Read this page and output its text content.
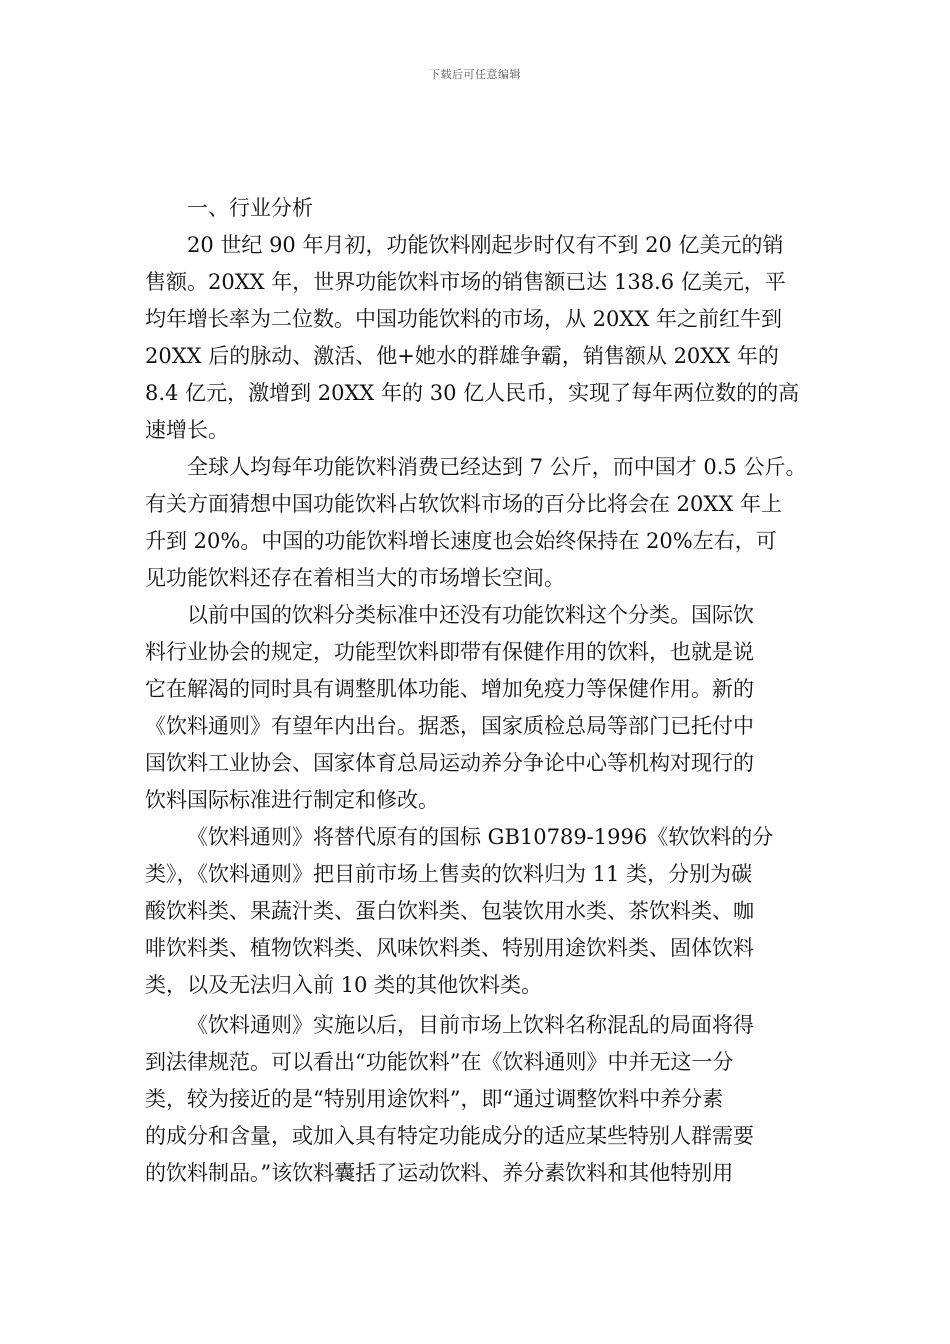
下载后可任意编辑
一、行业分析
20 世纪 90 年月初，功能饮料刚起步时仅有不到 20 亿美元的销
售额。20XX 年，世界功能饮料市场的销售额已达 138.6 亿美元，平
均年增长率为二位数。中国功能饮料的市场，从 20XX 年之前红牛到
20XX 后的脉动、激活、他+她水的群雄争霸，销售额从 20XX 年的
8.4 亿元，激增到 20XX 年的 30 亿人民币，实现了每年两位数的的高
速增长。
全球人均每年功能饮料消费已经达到 7 公斤，而中国才 0.5 公斤。
有关方面猜想中国功能饮料占软饮料市场的百分比将会在 20XX 年上
升到 20%。中国的功能饮料增长速度也会始终保持在 20%左右，可
见功能饮料还存在着相当大的市场增长空间。
以前中国的饮料分类标准中还没有功能饮料这个分类。国际饮
料行业协会的规定，功能型饮料即带有保健作用的饮料，也就是说
它在解渴的同时具有调整肌体功能、增加免疫力等保健作用。新的
《饮料通则》有望年内出台。据悉，国家质检总局等部门已托付中
国饮料工业协会、国家体育总局运动养分争论中心等机构对现行的
饮料国际标准进行制定和修改。
《饮料通则》将替代原有的国标 GB10789-1996《软饮料的分
类》，《饮料通则》把目前市场上售卖的饮料归为 11 类，分别为碳
酸饮料类、果蔬汁类、蛋白饮料类、包装饮用水类、茶饮料类、咖
啡饮料类、植物饮料类、风味饮料类、特别用途饮料类、固体饮料
类，以及无法归入前 10 类的其他饮料类。
《饮料通则》实施以后，目前市场上饮料名称混乱的局面将得
到法律规范。可以看出“功能饮料”在《饮料通则》中并无这一分
类，较为接近的是“特别用途饮料”，即“通过调整饮料中养分素
的成分和含量，或加入具有特定功能成分的适应某些特别人群需要
的饮料制品。”该饮料囊括了运动饮料、养分素饮料和其他特别用
